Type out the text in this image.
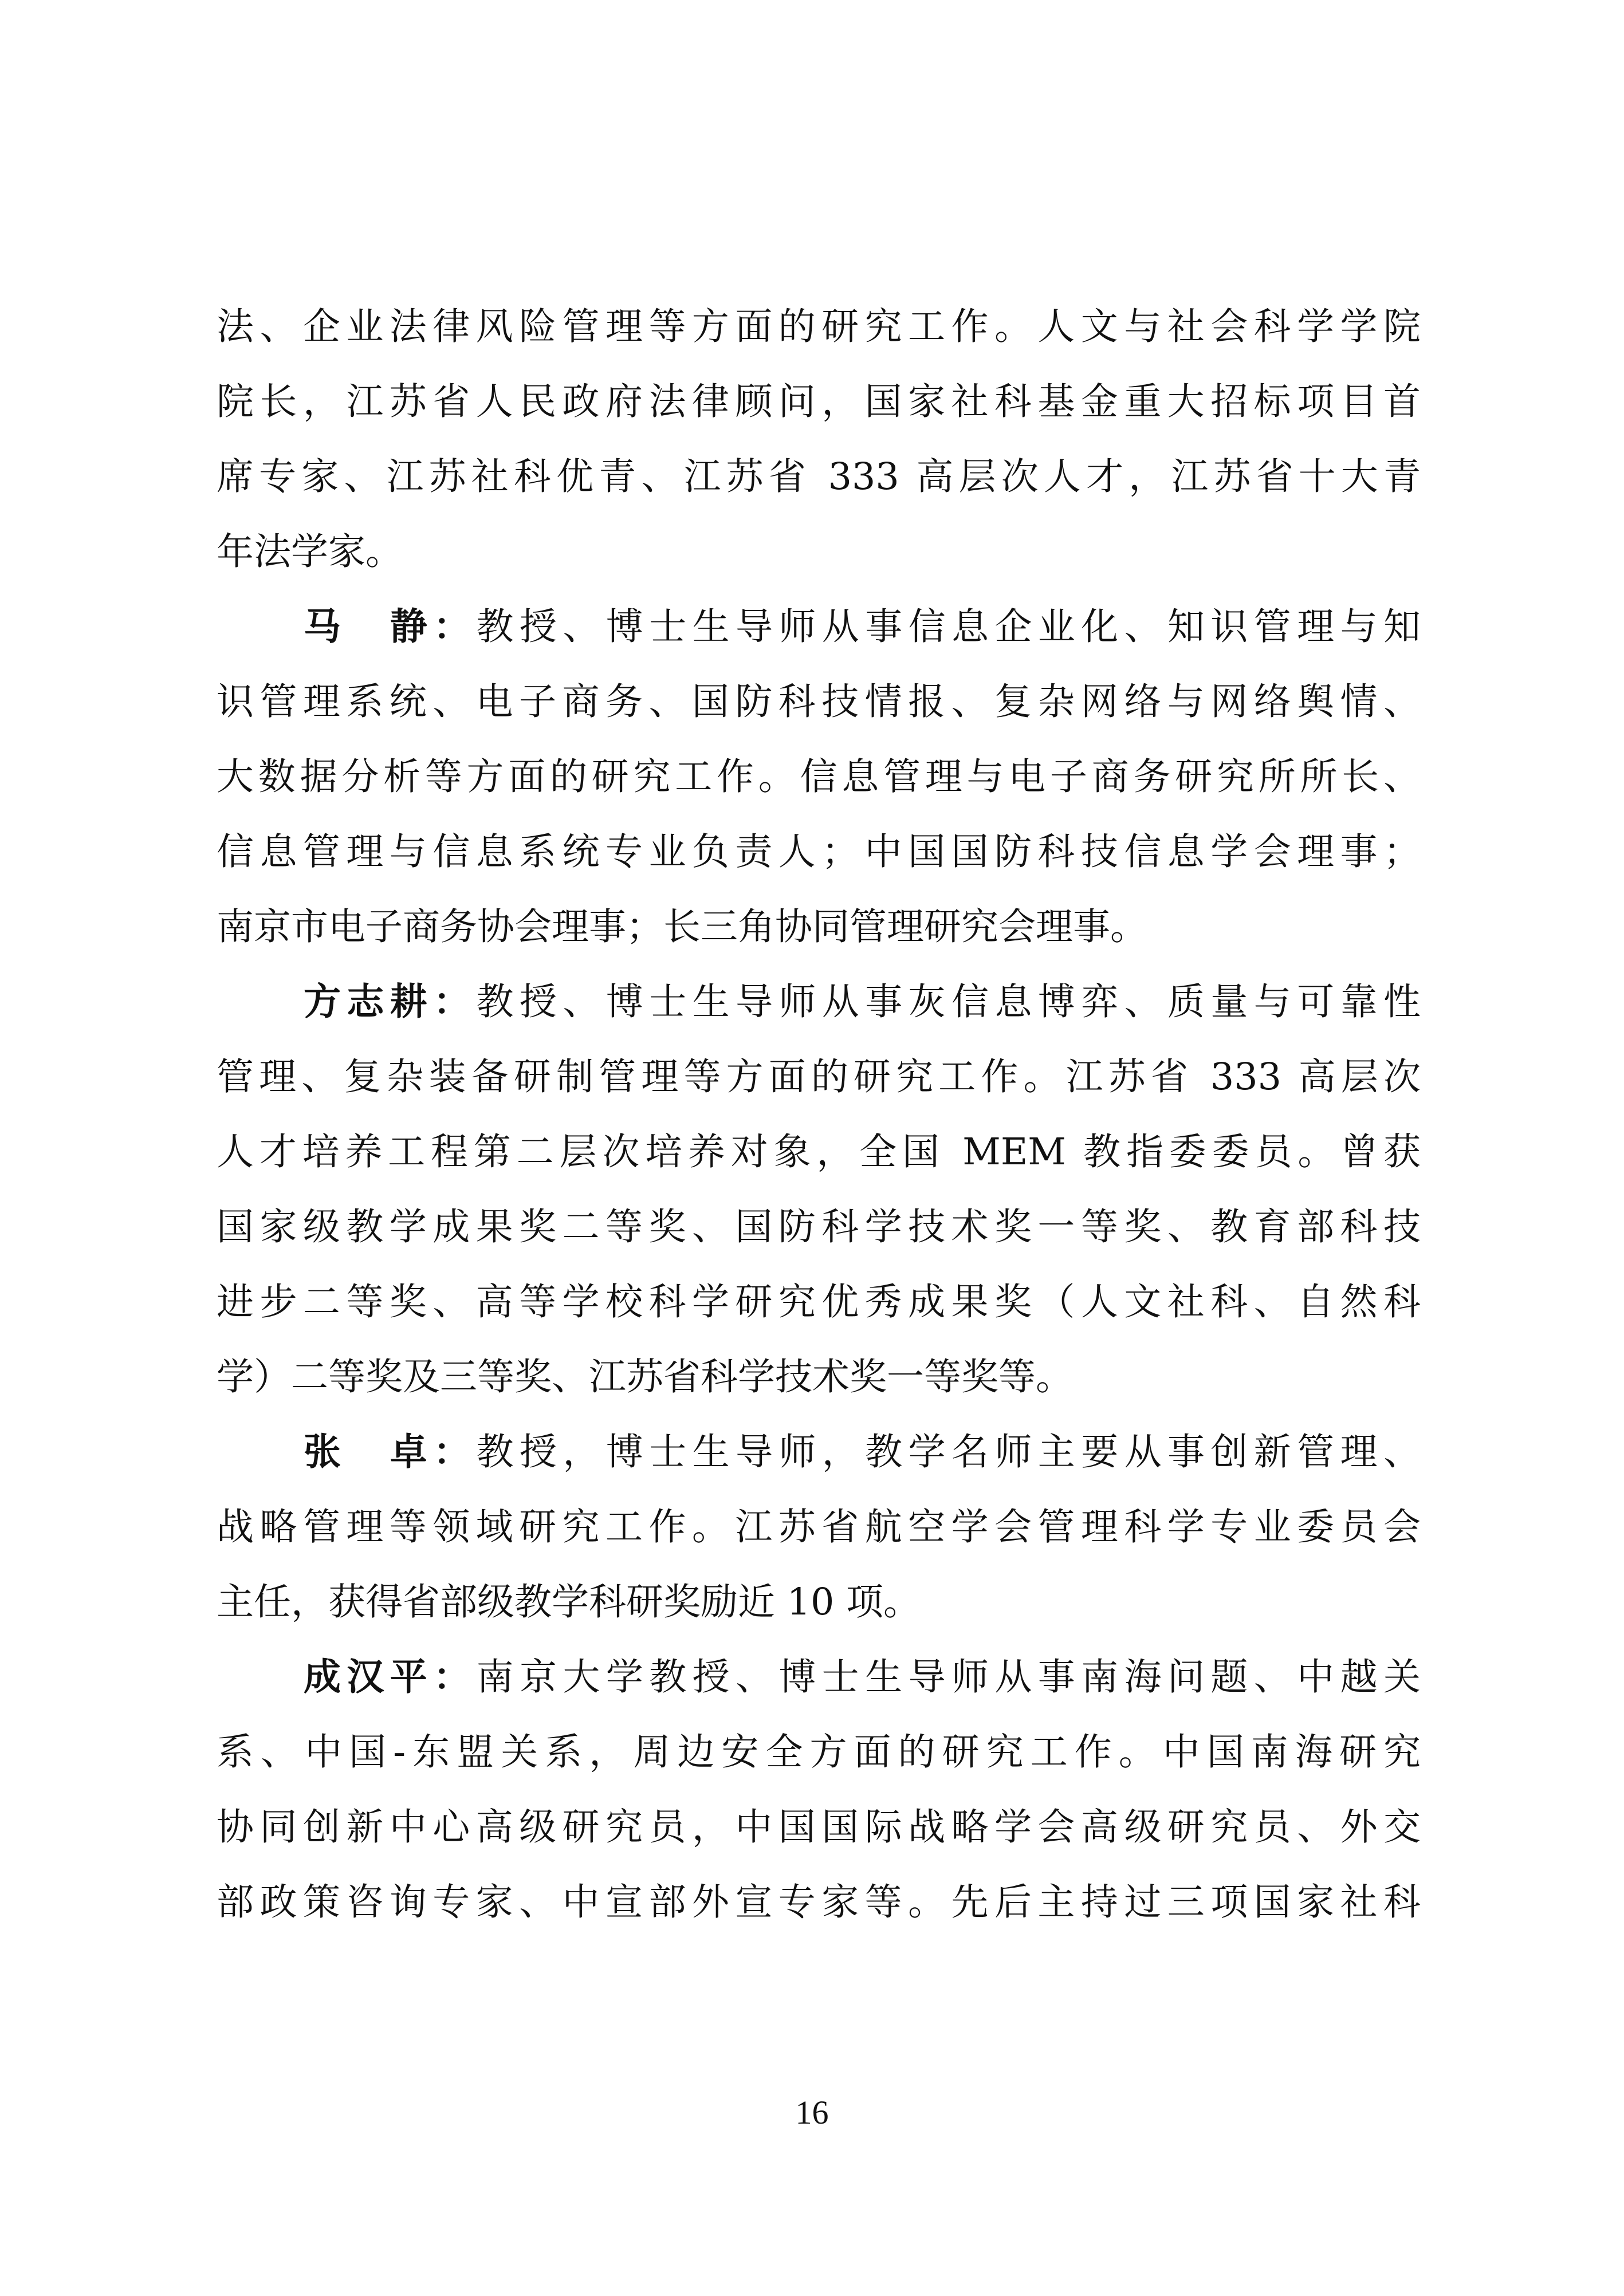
法、企业法律风险管理等方面的研究工作。人文与社会科学学院
院长，江苏省人民政府法律顾问，国家社科基金重大招标项目首
席专家、江苏社科优青、江苏省 333 高层次人才，江苏省十大青
年法学家。
马　静：教授、博士生导师从事信息企业化、知识管理与知
识管理系统、电子商务、国防科技情报、复杂网络与网络舆情、
大数据分析等方面的研究工作。信息管理与电子商务研究所所长、
信息管理与信息系统专业负责人；中国国防科技信息学会理事；
南京市电子商务协会理事；长三角协同管理研究会理事。
方志耕：教授、博士生导师从事灰信息博弈、质量与可靠性
管理、复杂装备研制管理等方面的研究工作。江苏省 333 高层次
人才培养工程第二层次培养对象，全国 MEM 教指委委员。曾获
国家级教学成果奖二等奖、国防科学技术奖一等奖、教育部科技
进步二等奖、高等学校科学研究优秀成果奖（人文社科、自然科
学）二等奖及三等奖、江苏省科学技术奖一等奖等。
张　卓：教授，博士生导师，教学名师主要从事创新管理、
战略管理等领域研究工作。江苏省航空学会管理科学专业委员会
主任，获得省部级教学科研奖励近 10 项。
成汉平：南京大学教授、博士生导师从事南海问题、中越关
系、中国-东盟关系，周边安全方面的研究工作。中国南海研究
协同创新中心高级研究员，中国国际战略学会高级研究员、外交
部政策咨询专家、中宣部外宣专家等。先后主持过三项国家社科
16
